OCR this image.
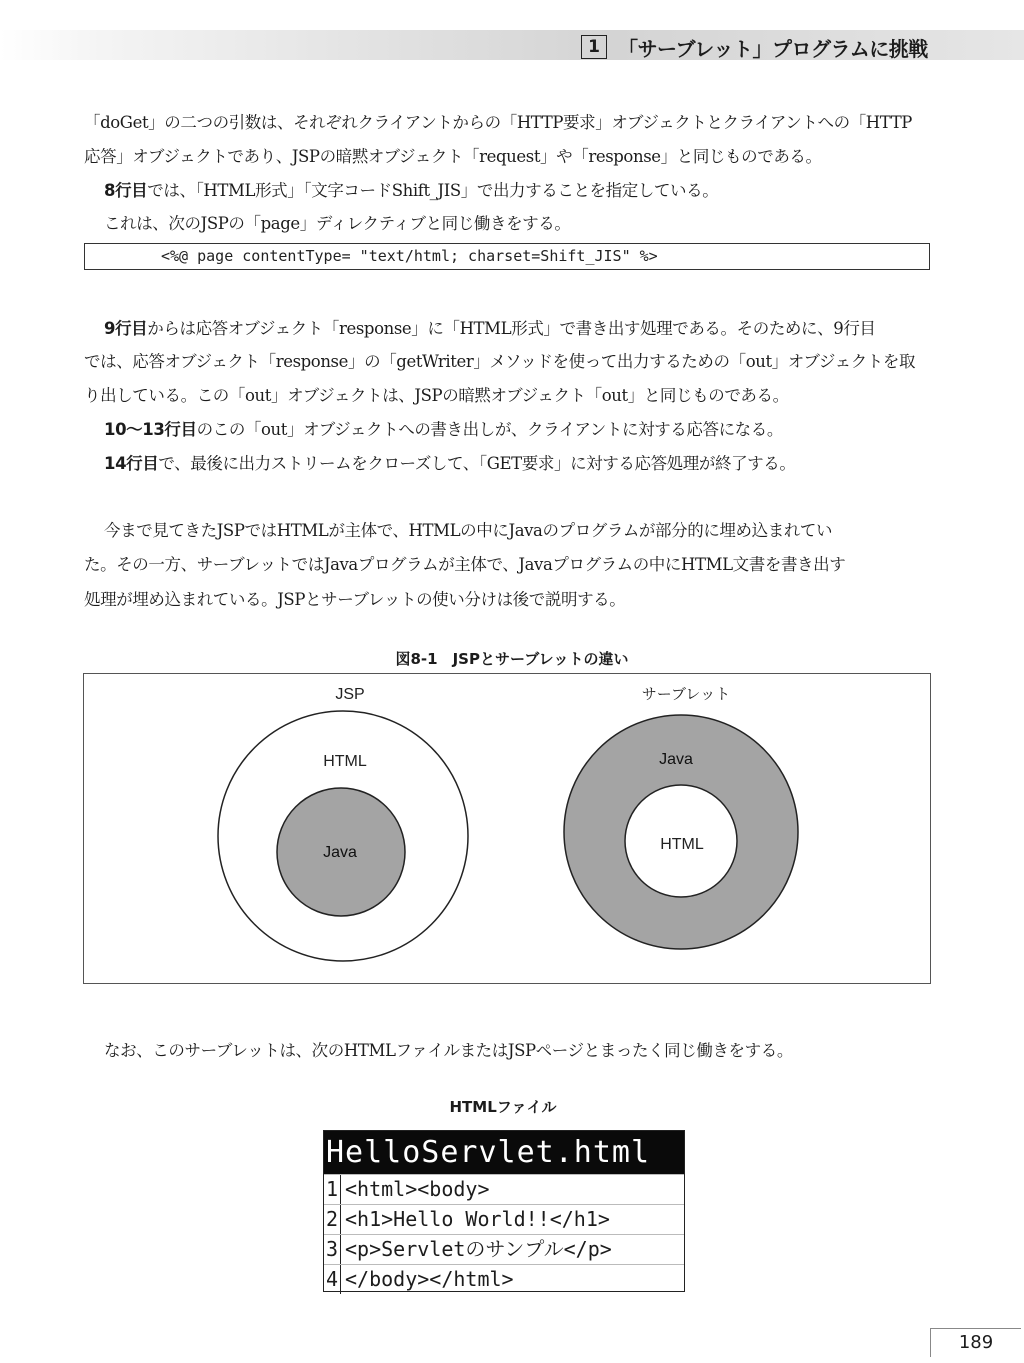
1 「サーブレット」プログラムに挑戦
「doGet」の二つの引数は、それぞれクライアントからの「HTTP要求」オブジェクトとクライアントへの「HTTP
応答」オブジェクトであり、JSPの暗黙オブジェクト「request」や「response」と同じものである。
8行目では、「HTML形式」「文字コードShift_JIS」で出力することを指定している。
これは、次のJSPの「page」ディレクティブと同じ働きをする。
<%@ page contentType= "text/html; charset=Shift_JIS" %>
9行目からは応答オブジェクト「response」に「HTML形式」で書き出す処理である。そのために、9行目
では、応答オブジェクト「response」の「getWriter」メソッドを使って出力するための「out」オブジェクトを取
り出している。この「out」オブジェクトは、JSPの暗黙オブジェクト「out」と同じものである。
10～13行目のこの「out」オブジェクトへの書き出しが、クライアントに対する応答になる。
14行目で、最後に出力ストリームをクローズして、「GET要求」に対する応答処理が終了する。
今まで見てきたJSPではHTMLが主体で、HTMLの中にJavaのプログラムが部分的に埋め込まれてい
た。その一方、サーブレットではJavaプログラムが主体で、Javaプログラムの中にHTML文書を書き出す
処理が埋め込まれている。JSPとサーブレットの使い分けは後で説明する。
図8-1　JSPとサーブレットの違い
JSP	サーブレット
HTML
Java
Java
HTML
なお、このサーブレットは、次のHTMLファイルまたはJSPページとまったく同じ働きをする。
HTMLファイル
HelloServlet.html
1 <html><body>
2 <h1>Hello World!!</h1>
3 <p>Servletのサンプル</p>
4 </body></html>
189
